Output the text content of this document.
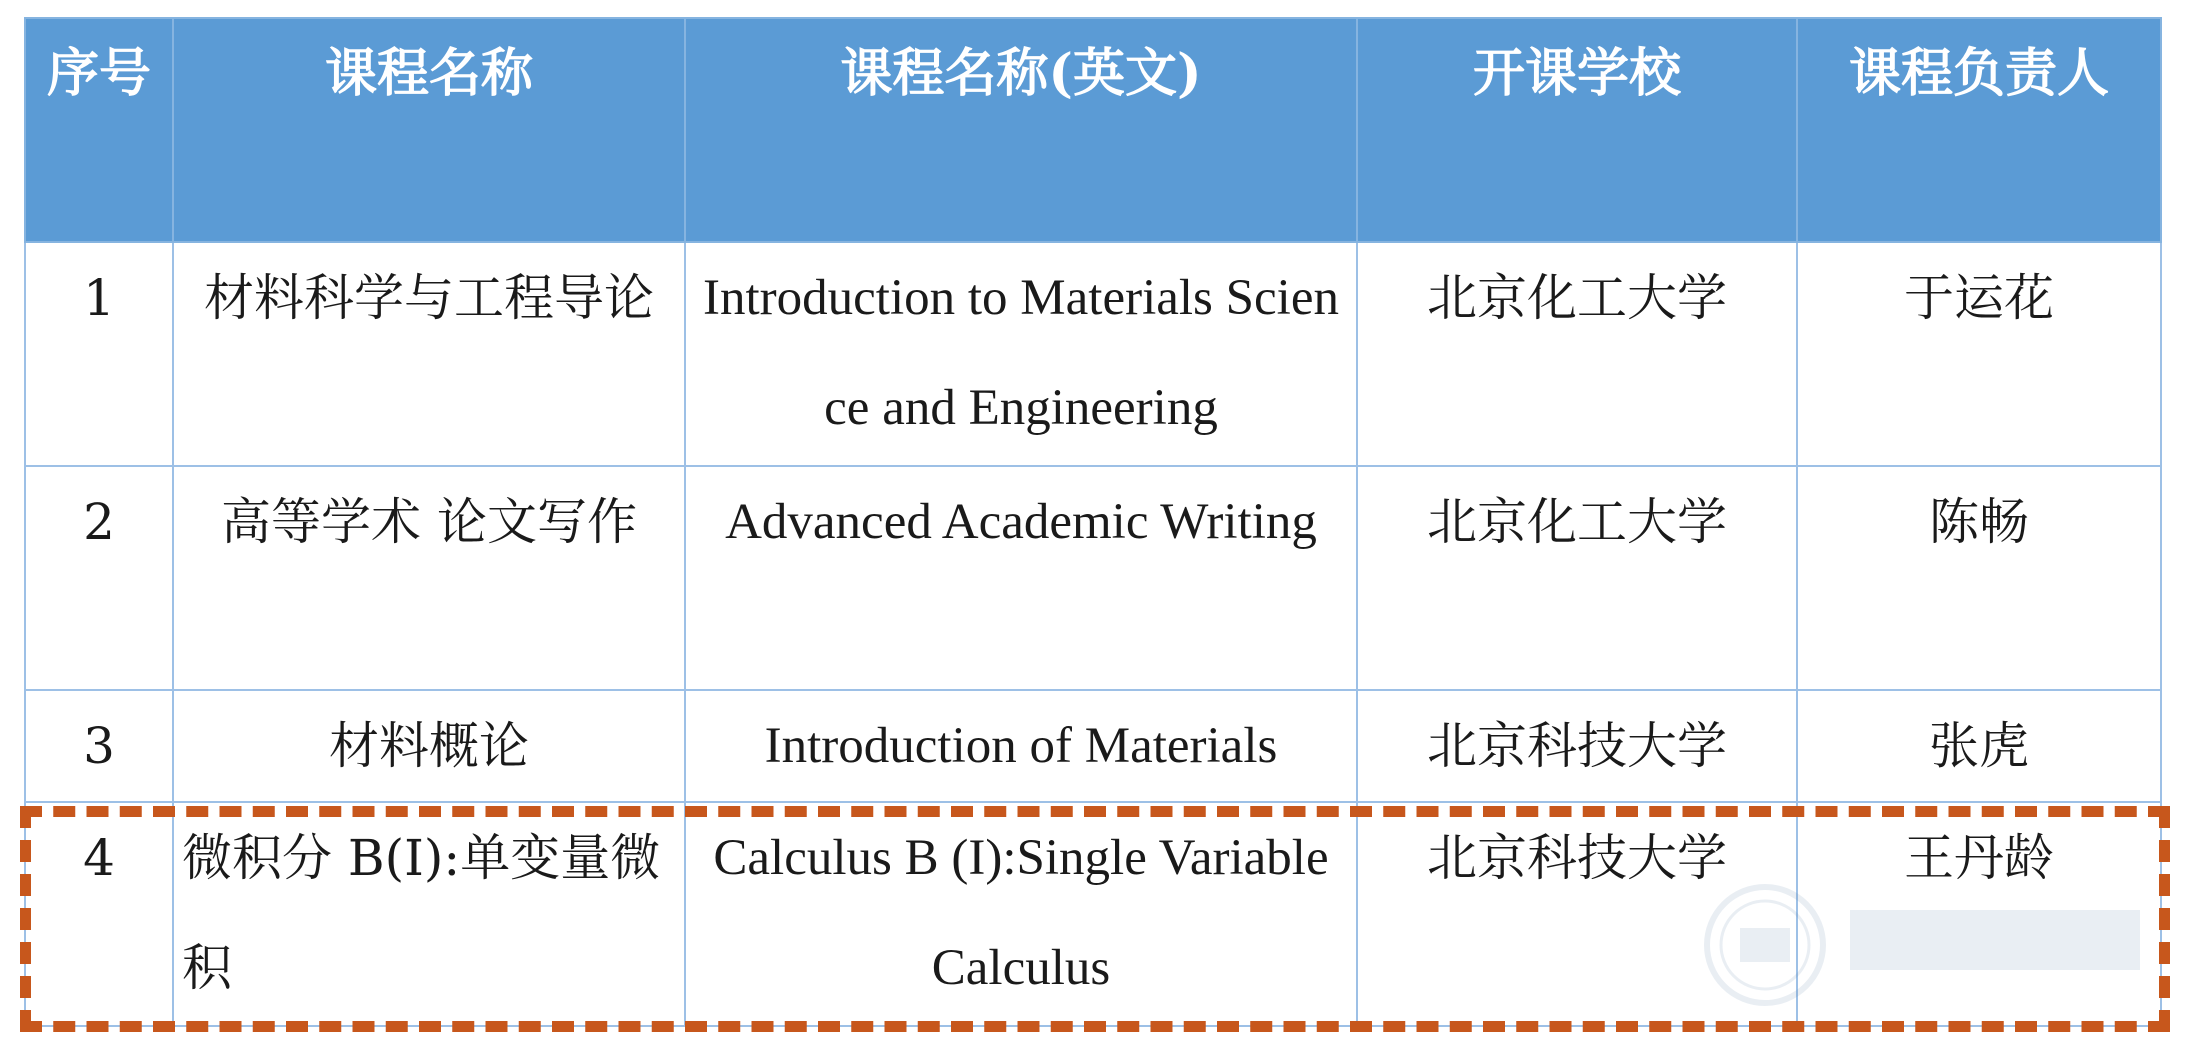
序号	课程名称	课程名称(英文)	开课学校	课程负责人
1	材料科学与工程导论	Introduction to Materials Science and Engineering	北京化工大学	于运花
2	高等学术 论文写作	Advanced Academic Writing	北京化工大学	陈畅
3	材料概论	Introduction of Materials	北京科技大学	张虎
4	微积分 B(I):单变量微积	Calculus B (I):Single Variable Calculus	北京科技大学	王丹龄
